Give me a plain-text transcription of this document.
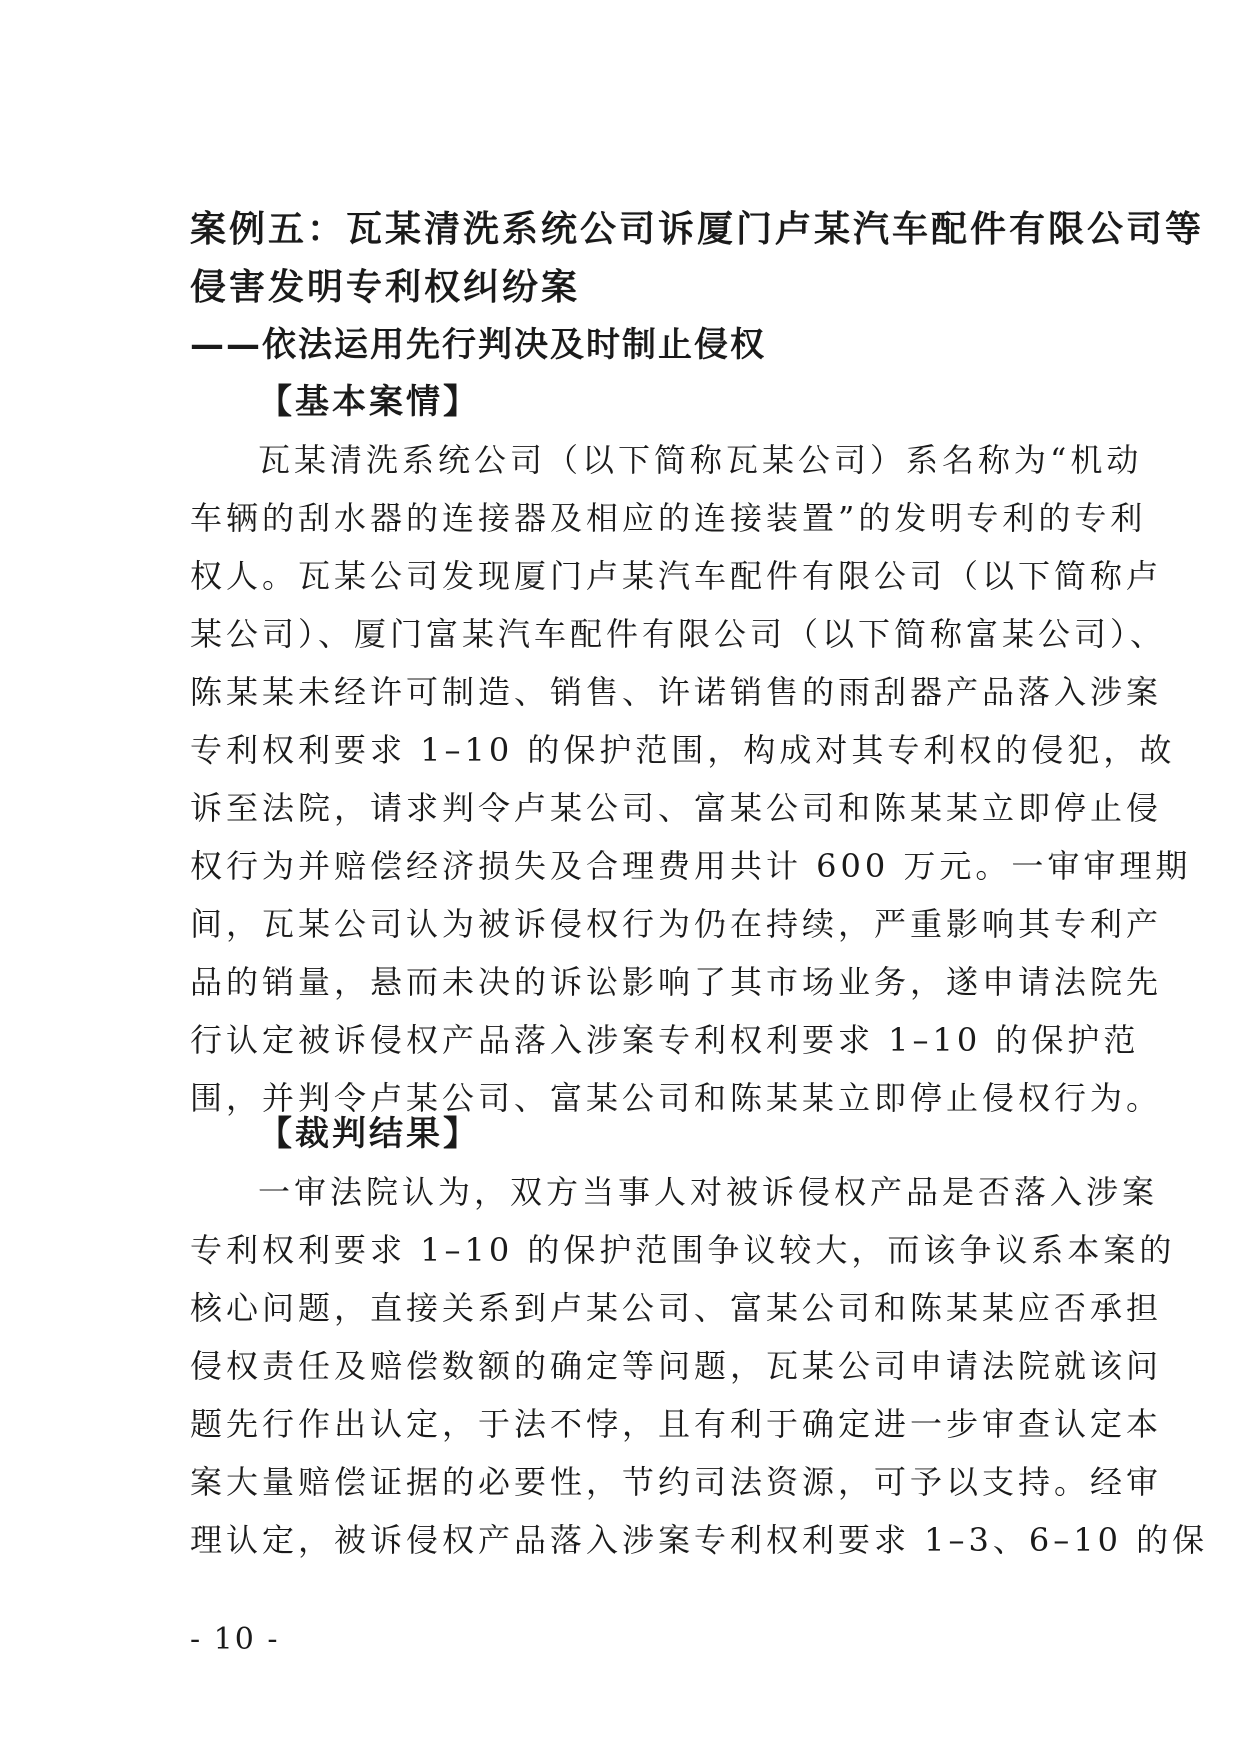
案例五：瓦某清洗系统公司诉厦门卢某汽车配件有限公司等
侵害发明专利权纠纷案
——依法运用先行判决及时制止侵权
【基本案情】
瓦某清洗系统公司（以下简称瓦某公司）系名称为“机动
车辆的刮水器的连接器及相应的连接装置”的发明专利的专利
权人。瓦某公司发现厦门卢某汽车配件有限公司（以下简称卢
某公司）、厦门富某汽车配件有限公司（以下简称富某公司）、
陈某某未经许可制造、销售、许诺销售的雨刮器产品落入涉案
专利权利要求 1–10 的保护范围，构成对其专利权的侵犯，故
诉至法院，请求判令卢某公司、富某公司和陈某某立即停止侵
权行为并赔偿经济损失及合理费用共计 600 万元。一审审理期
间，瓦某公司认为被诉侵权行为仍在持续，严重影响其专利产
品的销量，悬而未决的诉讼影响了其市场业务，遂申请法院先
行认定被诉侵权产品落入涉案专利权利要求 1–10 的保护范
围，并判令卢某公司、富某公司和陈某某立即停止侵权行为。
【裁判结果】
一审法院认为，双方当事人对被诉侵权产品是否落入涉案
专利权利要求 1–10 的保护范围争议较大，而该争议系本案的
核心问题，直接关系到卢某公司、富某公司和陈某某应否承担
侵权责任及赔偿数额的确定等问题，瓦某公司申请法院就该问
题先行作出认定，于法不悖，且有利于确定进一步审查认定本
案大量赔偿证据的必要性，节约司法资源，可予以支持。经审
理认定，被诉侵权产品落入涉案专利权利要求 1–3、6–10 的保
- 10 -
